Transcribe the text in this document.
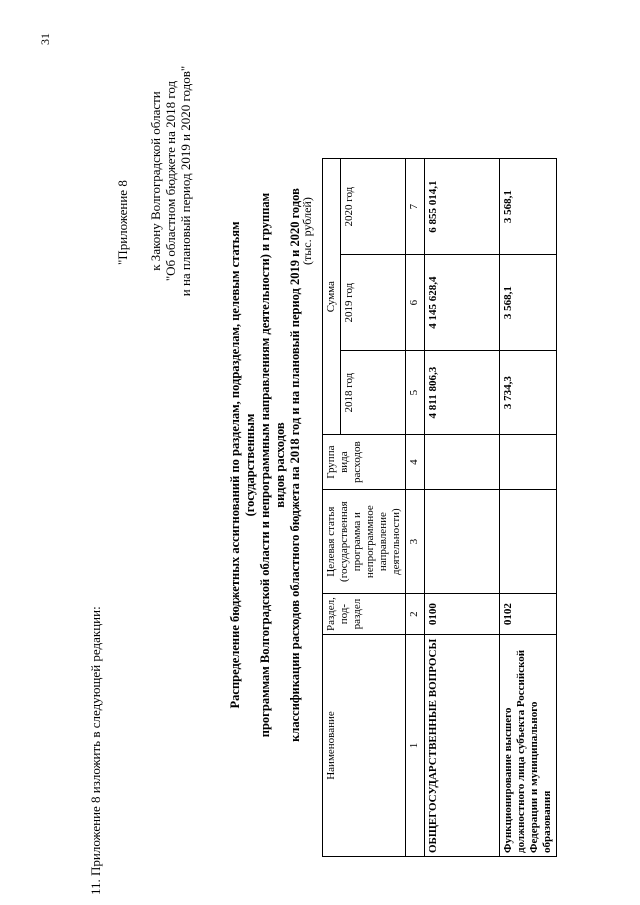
31
11. Приложение 8 изложить в следующей редакции:
"Приложение 8 к Закону Волгоградской области "Об областном бюджете на 2018 год и на плановый период 2019 и 2020 годов"
Распределение бюджетных ассигнований по разделам, подразделам, целевым статьям (государственным программам Волгоградской области и непрограммным направлениям деятельности) и группам видов расходов классификации расходов областного бюджета на 2018 год и на плановый период 2019 и 2020 годов
(тыс. рублей)
Наименование	Раздел, под-раздел	Целевая статья (государственная программа и непрограммное направление деятельности)	Группа вида расходов	Сумма		
				2018 год	2019 год	2020 год
1	2	3	4	5	6	7
ОБЩЕГОСУДАРСТВЕННЫЕ ВОПРОСЫ	0100			4 811 806,3	4 145 628,4	6 855 014,1
Функционирование высшего должностного лица субъекта Российской Федерации и муниципального образования	0102			3 734,3	3 568,1	3 568,1
